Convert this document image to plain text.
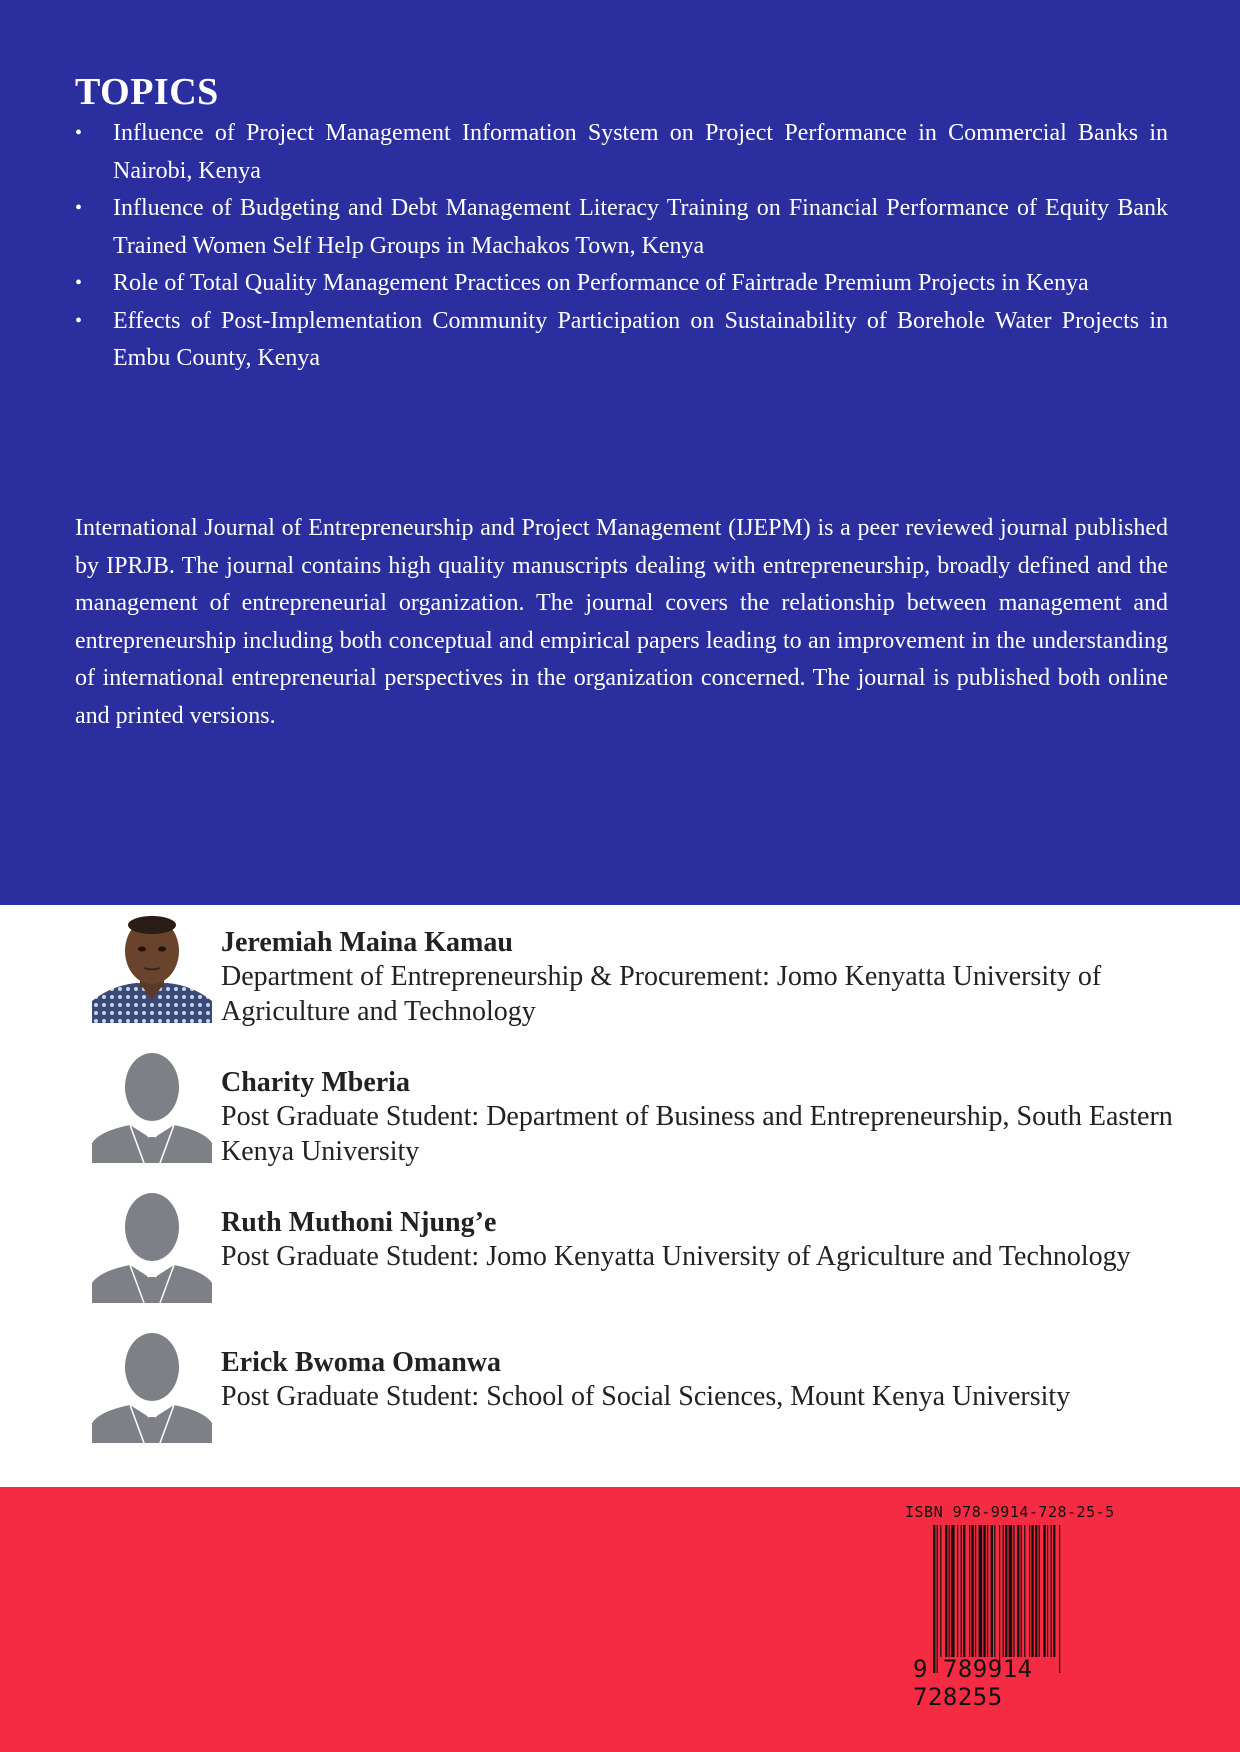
TOPICS
• Influence of Project Management Information System on Project Performance in Commercial Banks in Nairobi, Kenya
• Influence of Budgeting and Debt Management Literacy Training on Financial Performance of Equity Bank Trained Women Self Help Groups in Machakos Town, Kenya
• Role of Total Quality Management Practices on Performance of Fairtrade Premium Projects in Kenya
• Effects of Post-Implementation Community Participation on Sustainability of Borehole Water Projects in Embu County, Kenya

International Journal of Entrepreneurship and Project Management (IJEPM) is a peer reviewed journal published by IPRJB. The journal contains high quality manuscripts dealing with entrepreneurship, broadly defined and the management of entrepreneurial organization. The journal covers the relationship between management and entrepreneurship including both conceptual and empirical papers leading to an improvement in the understanding of international entrepreneurial perspectives in the organization concerned. The journal is published both online and printed versions.

Jeremiah Maina Kamau
Department of Entrepreneurship & Procurement: Jomo Kenyatta University of Agriculture and Technology
Charity Mberia
Post Graduate Student: Department of Business and Entrepreneurship, South Eastern Kenya University
Ruth Muthoni Njung’e
Post Graduate Student: Jomo Kenyatta University of Agriculture and Technology
Erick Bwoma Omanwa
Post Graduate Student: School of Social Sciences, Mount Kenya University
ISBN 978-9914-728-25-5
9 789914 728255
